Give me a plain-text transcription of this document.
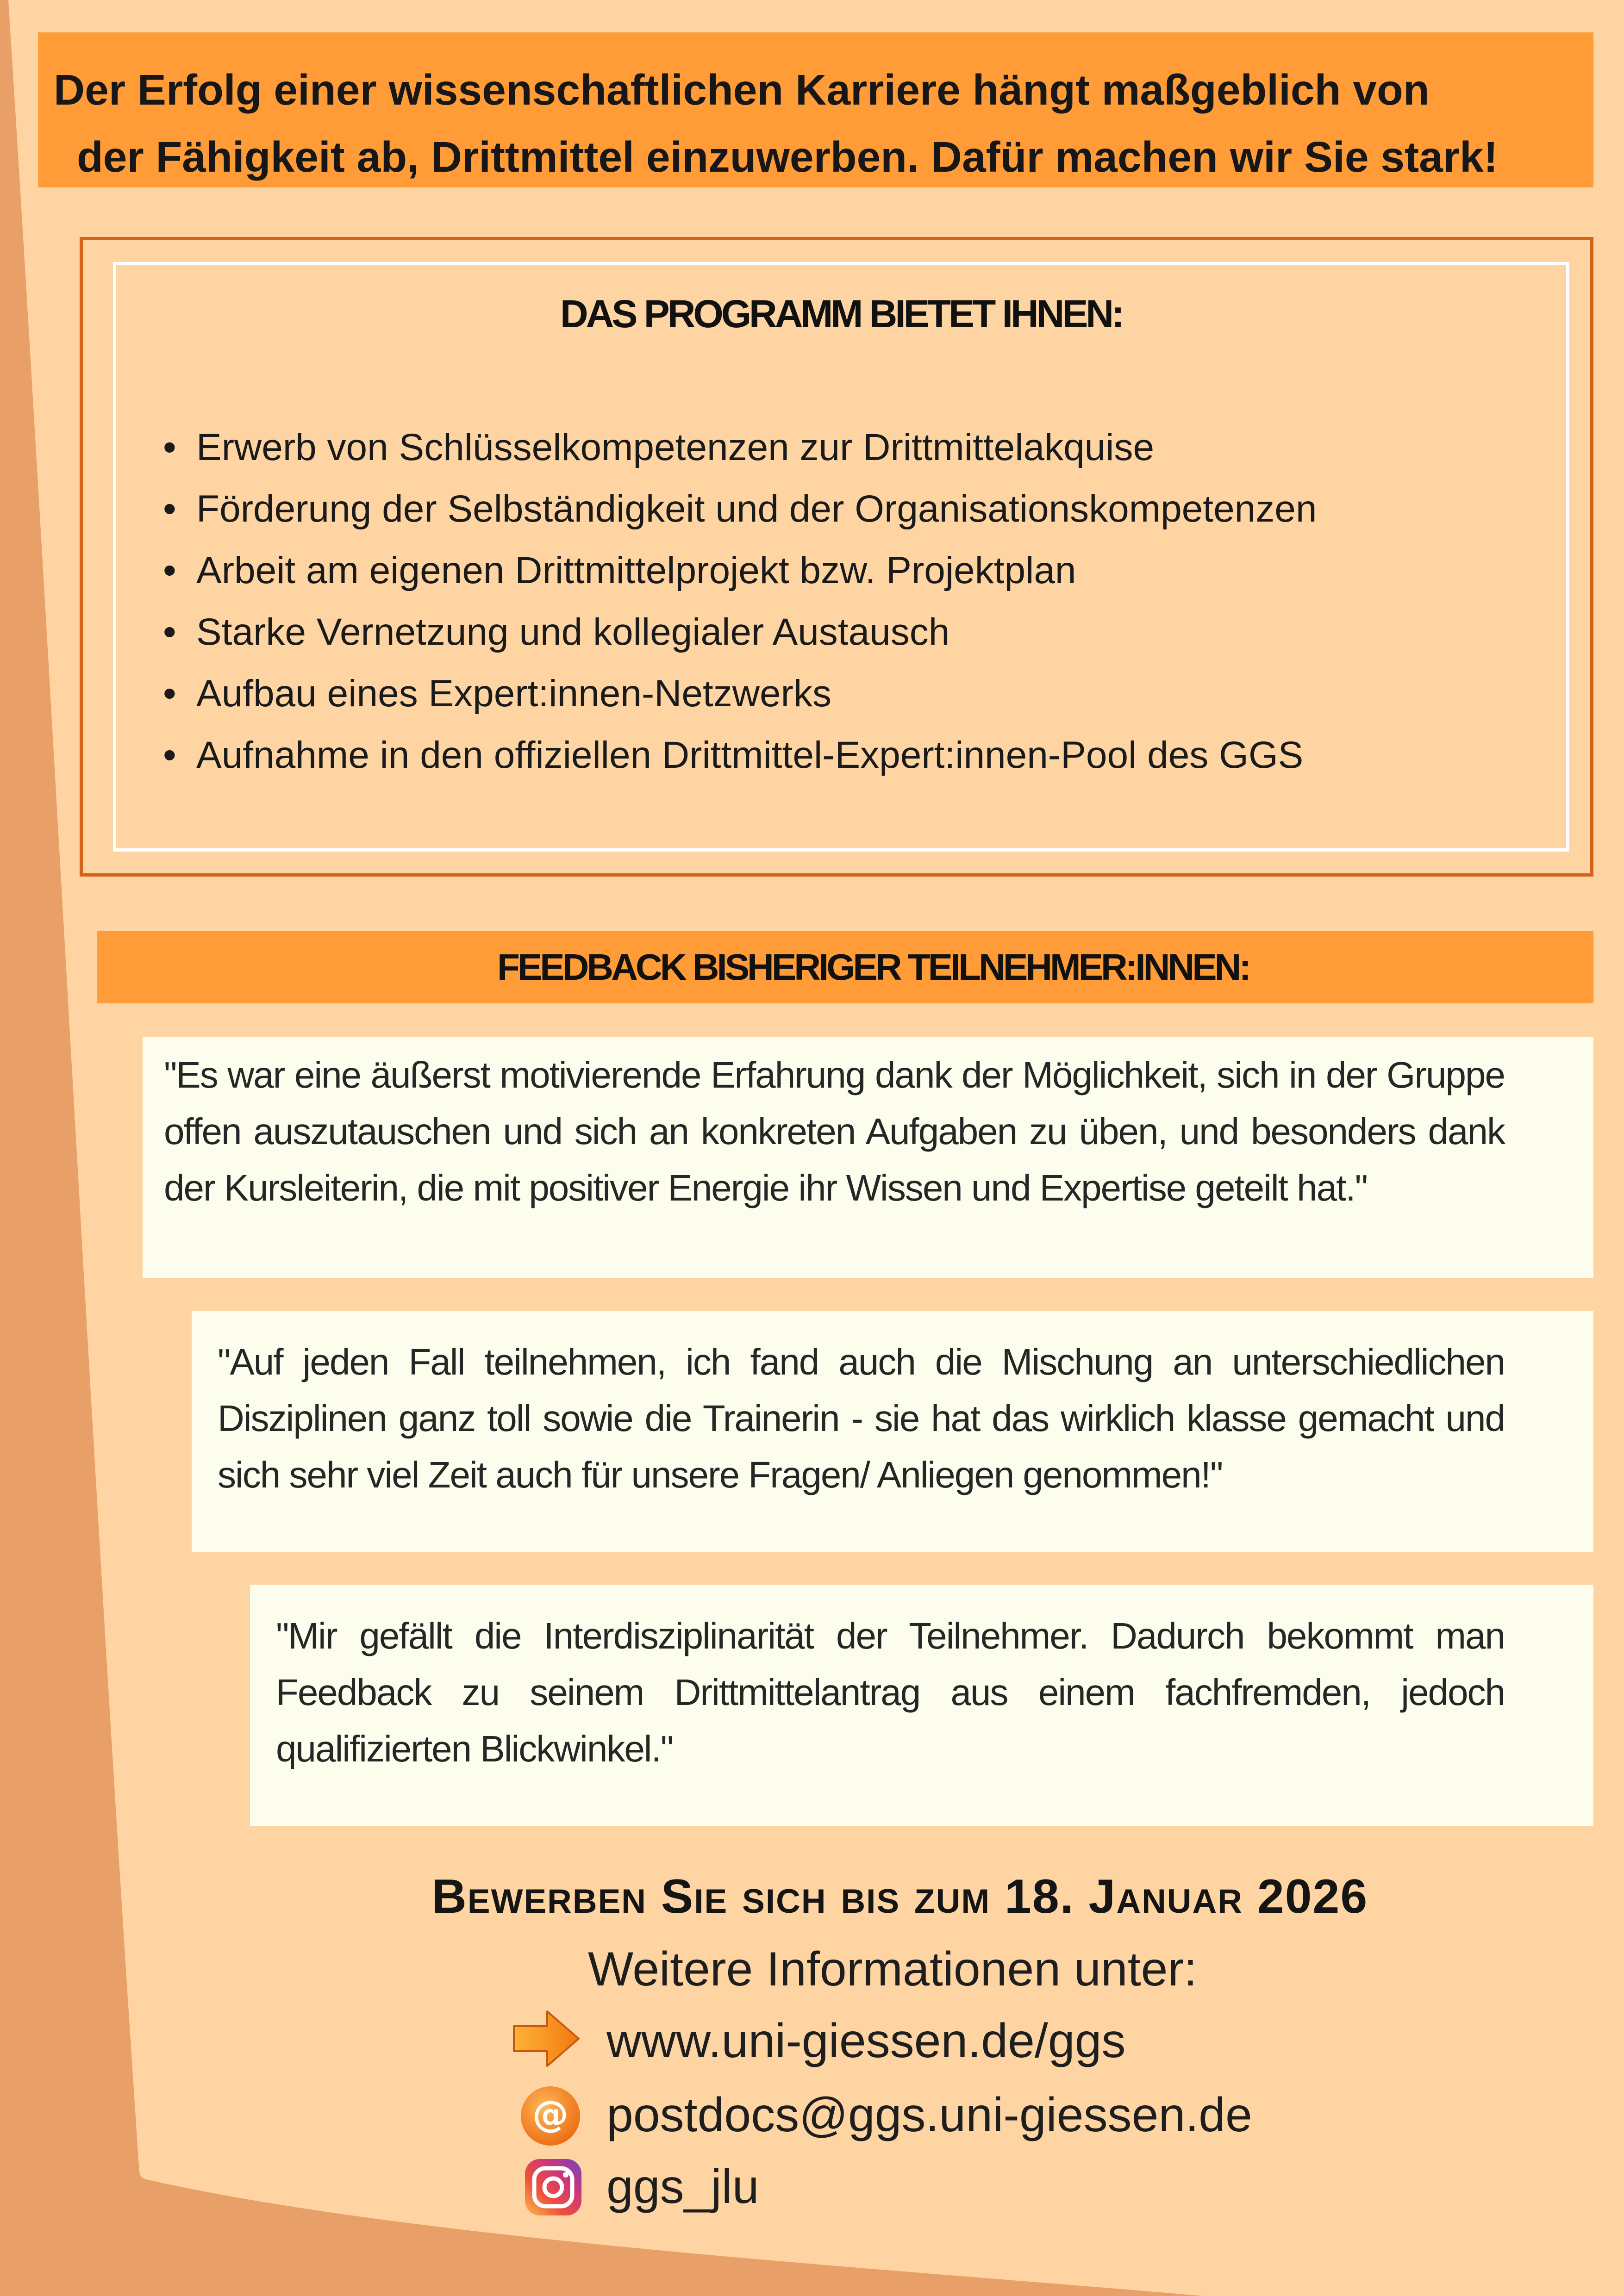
Der Erfolg einer wissenschaftlichen Karriere hängt maßgeblich von
der Fähigkeit ab, Drittmittel einzuwerben. Dafür machen wir Sie stark!
DAS PROGRAMM BIETET IHNEN:
• Erwerb von Schlüsselkompetenzen zur Drittmittelakquise
• Förderung der Selbständigkeit und der Organisationskompetenzen
• Arbeit am eigenen Drittmittelprojekt bzw. Projektplan
• Starke Vernetzung und kollegialer Austausch
• Aufbau eines Expert:innen-Netzwerks
• Aufnahme in den offiziellen Drittmittel-Expert:innen-Pool des GGS
FEEDBACK BISHERIGER TEILNEHMER:INNEN:

"Es war eine äußerst motivierende Erfahrung dank der Möglichkeit, sich in der Gruppe offen auszutauschen und sich an konkreten Aufgaben zu üben, und besonders dank der Kursleiterin, die mit positiver Energie ihr Wissen und Expertise geteilt hat."

"Auf jeden Fall teilnehmen, ich fand auch die Mischung an unterschiedlichen Disziplinen ganz toll sowie die Trainerin - sie hat das wirklich klasse gemacht und sich sehr viel Zeit auch für unsere Fragen/ Anliegen genommen!"

"Mir gefällt die Interdisziplinarität der Teilnehmer. Dadurch bekommt man Feedback zu seinem Drittmittelantrag aus einem fachfremden, jedoch qualifizierten Blickwinkel."

Bewerben Sie sich bis zum 18. Januar 2026
Weitere Informationen unter:
www.uni-giessen.de/ggs
@ postdocs@ggs.uni-giessen.de
ggs_jlu
